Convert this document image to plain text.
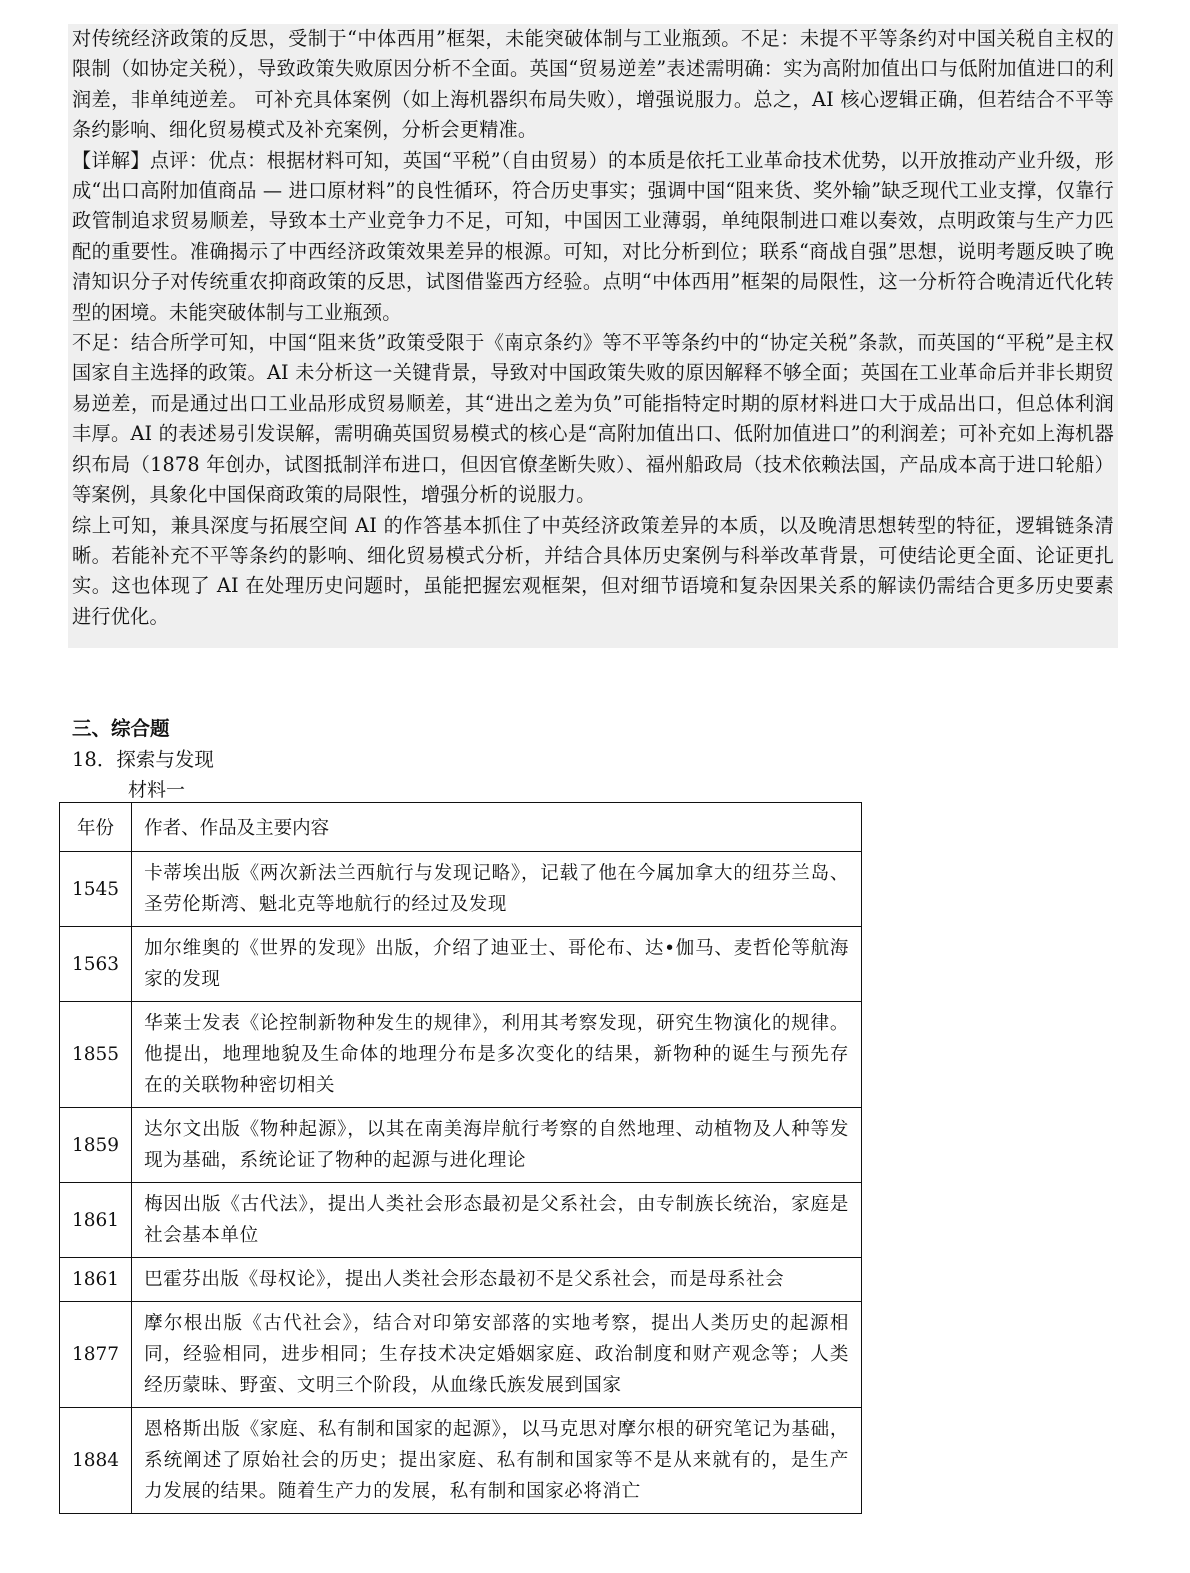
对传统经济政策的反思，受制于“中体西用”框架，未能突破体制与工业瓶颈。不足：未提不平等条约对中国关税自主权的限制（如协定关税），导致政策失败原因分析不全面。英国“贸易逆差”表述需明确：实为高附加值出口与低附加值进口的利润差，非单纯逆差。 可补充具体案例（如上海机器织布局失败），增强说服力。总之，AI 核心逻辑正确，但若结合不平等条约影响、细化贸易模式及补充案例，分析会更精准。

【详解】点评：优点：根据材料可知，英国“平税”（自由贸易）的本质是依托工业革命技术优势，以开放推动产业升级，形成“出口高附加值商品 — 进口原材料”的良性循环，符合历史事实；强调中国“阻来货、奖外输”缺乏现代工业支撑，仅靠行政管制追求贸易顺差，导致本土产业竞争力不足，可知，中国因工业薄弱，单纯限制进口难以奏效，点明政策与生产力匹配的重要性。准确揭示了中西经济政策效果差异的根源。可知，对比分析到位；联系“商战自强”思想，说明考题反映了晚清知识分子对传统重农抑商政策的反思，试图借鉴西方经验。点明“中体西用”框架的局限性，这一分析符合晚清近代化转型的困境。未能突破体制与工业瓶颈。

不足：结合所学可知，中国“阻来货”政策受限于《南京条约》等不平等条约中的“协定关税”条款，而英国的“平税”是主权国家自主选择的政策。AI 未分析这一关键背景，导致对中国政策失败的原因解释不够全面；英国在工业革命后并非长期贸易逆差，而是通过出口工业品形成贸易顺差，其“进出之差为负”可能指特定时期的原材料进口大于成品出口，但总体利润丰厚。AI 的表述易引发误解，需明确英国贸易模式的核心是“高附加值出口、低附加值进口”的利润差；可补充如上海机器织布局（1878 年创办，试图抵制洋布进口，但因官僚垄断失败）、福州船政局（技术依赖法国，产品成本高于进口轮船）等案例，具象化中国保商政策的局限性，增强分析的说服力。

综上可知，兼具深度与拓展空间 AI 的作答基本抓住了中英经济政策差异的本质，以及晚清思想转型的特征，逻辑链条清晰。若能补充不平等条约的影响、细化贸易模式分析，并结合具体历史案例与科举改革背景，可使结论更全面、论证更扎实。这也体现了 AI 在处理历史问题时，虽能把握宏观框架，但对细节语境和复杂因果关系的解读仍需结合更多历史要素进行优化。

三、综合题
18．探索与发现
材料一
年份	作者、作品及主要内容
1545	卡蒂埃出版《两次新法兰西航行与发现记略》，记载了他在今属加拿大的纽芬兰岛、圣劳伦斯湾、魁北克等地航行的经过及发现
1563	加尔维奥的《世界的发现》出版，介绍了迪亚士、哥伦布、达•伽马、麦哲伦等航海家的发现
1855	华莱士发表《论控制新物种发生的规律》，利用其考察发现，研究生物演化的规律。他提出，地理地貌及生命体的地理分布是多次变化的结果，新物种的诞生与预先存在的关联物种密切相关
1859	达尔文出版《物种起源》，以其在南美海岸航行考察的自然地理、动植物及人种等发现为基础，系统论证了物种的起源与进化理论
1861	梅因出版《古代法》，提出人类社会形态最初是父系社会，由专制族长统治，家庭是社会基本单位
1861	巴霍芬出版《母权论》，提出人类社会形态最初不是父系社会，而是母系社会
1877	摩尔根出版《古代社会》，结合对印第安部落的实地考察，提出人类历史的起源相同，经验相同，进步相同；生存技术决定婚姻家庭、政治制度和财产观念等；人类经历蒙昧、野蛮、文明三个阶段，从血缘氏族发展到国家
1884	恩格斯出版《家庭、私有制和国家的起源》，以马克思对摩尔根的研究笔记为基础，系统阐述了原始社会的历史；提出家庭、私有制和国家等不是从来就有的，是生产力发展的结果。随着生产力的发展，私有制和国家必将消亡
